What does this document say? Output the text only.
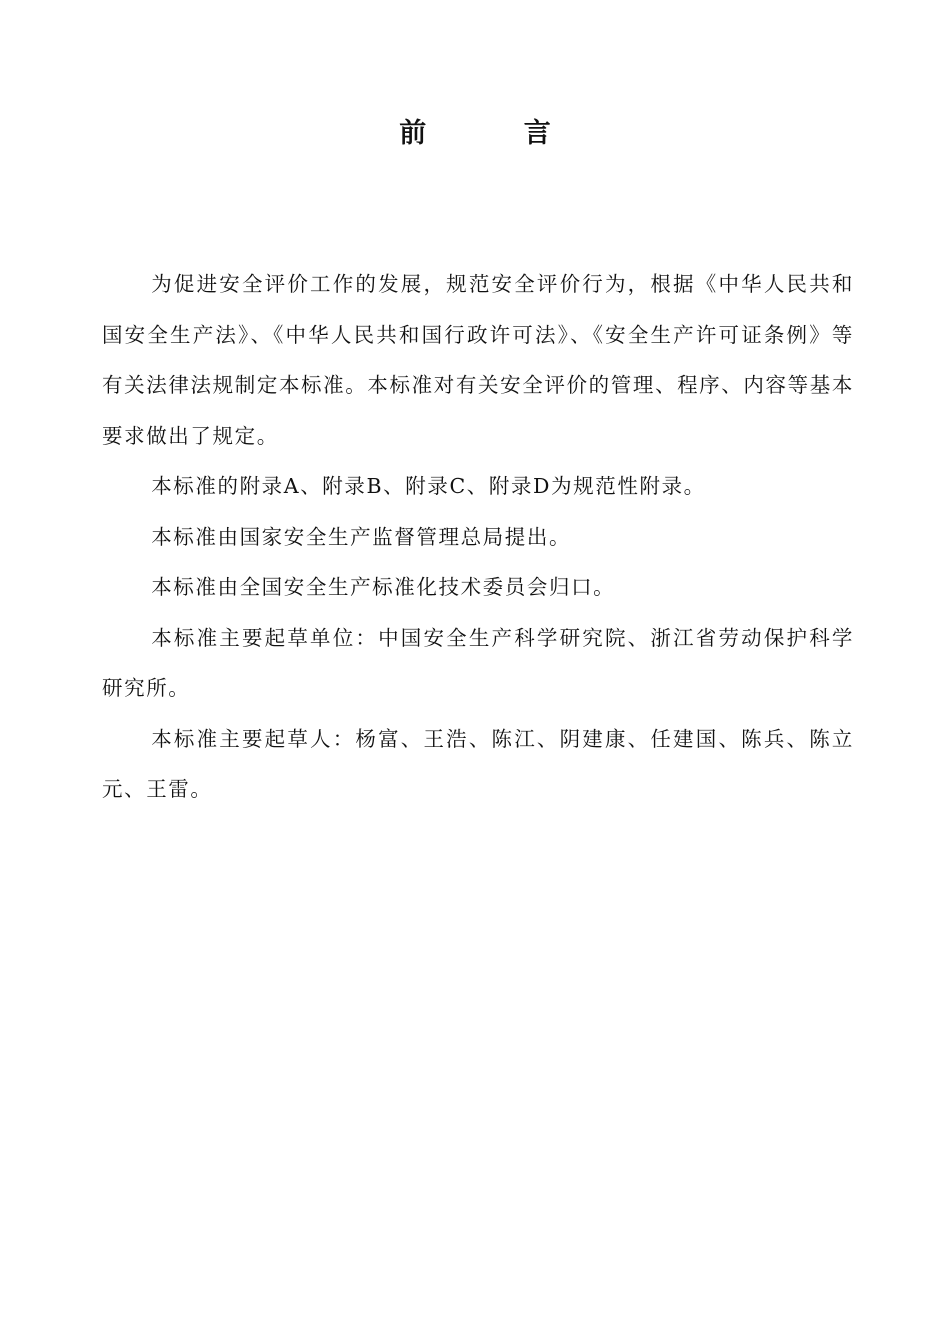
前 言

为促进安全评价工作的发展，规范安全评价行为，根据《中华人民共和国安全生产法》、《中华人民共和国行政许可法》、《安全生产许可证条例》等有关法律法规制定本标准。本标准对有关安全评价的管理、程序、内容等基本要求做出了规定。

本标准的附录A、附录B、附录C、附录D为规范性附录。

本标准由国家安全生产监督管理总局提出。

本标准由全国安全生产标准化技术委员会归口。

本标准主要起草单位：中国安全生产科学研究院、浙江省劳动保护科学研究所。

本标准主要起草人：杨富、王浩、陈江、阴建康、任建国、陈兵、陈立元、王雷。
